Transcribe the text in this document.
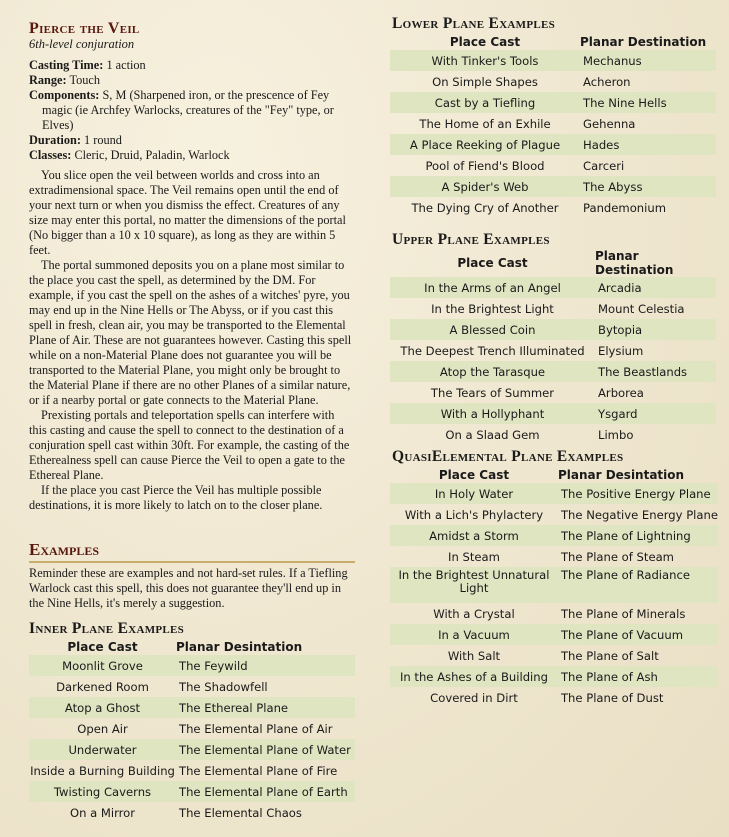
Pierce the Veil
6th-level conjuration

Casting Time: 1 action

Range: Touch

Components: S, M (Sharpened iron, or the prescence of Fey magic (ie Archfey Warlocks, creatures of the "Fey" type, or Elves)

Duration: 1 round

Classes: Cleric, Druid, Paladin, Warlock

You slice open the veil between worlds and cross into an extradimensional space. The Veil remains open until the end of your next turn or when you dismiss the effect. Creatures of any size may enter this portal, no matter the dimensions of the portal (No bigger than a 10 x 10 square), as long as they are within 5 feet.

The portal summoned deposits you on a plane most similar to the place you cast the spell, as determined by the DM. For example, if you cast the spell on the ashes of a witches' pyre, you may end up in the Nine Hells or The Abyss, or if you cast this spell in fresh, clean air, you may be transported to the Elemental Plane of Air. These are not guarantees however. Casting this spell while on a non-Material Plane does not guarantee you will be transported to the Material Plane, you might only be brought to the Material Plane if there are no other Planes of a similar nature, or if a nearby portal or gate connects to the Material Plane.

Prexisting portals and teleportation spells can interfere with this casting and cause the spell to connect to the destination of a conjuration spell cast within 30ft. For example, the casting of the Etherealness spell can cause Pierce the Veil to open a gate to the Ethereal Plane.

If the place you cast Pierce the Veil has multiple possible destinations, it is more likely to latch on to the closer plane.

Examples

Reminder these are examples and not hard-set rules. If a Tiefling Warlock cast this spell, this does not guarantee they'll end up in the Nine Hells, it's merely a suggestion.

Inner Plane Examples
Place Cast	Planar Desintation
Moonlit Grove	The Feywild
Darkened Room	The Shadowfell
Atop a Ghost	The Ethereal Plane
Open Air	The Elemental Plane of Air
Underwater	The Elemental Plane of Water
Inside a Burning Building	The Elemental Plane of Fire
Twisting Caverns	The Elemental Plane of Earth
On a Mirror	The Elemental Chaos
Lower Plane Examples
Place Cast	Planar Destination
With Tinker's Tools	Mechanus
On Simple Shapes	Acheron
Cast by a Tiefling	The Nine Hells
The Home of an Exhile	Gehenna
A Place Reeking of Plague	Hades
Pool of Fiend's Blood	Carceri
A Spider's Web	The Abyss
The Dying Cry of Another	Pandemonium
Upper Plane Examples
Place Cast	Planar Destination
In the Arms of an Angel	Arcadia
In the Brightest Light	Mount Celestia
A Blessed Coin	Bytopia
The Deepest Trench Illuminated	Elysium
Atop the Tarasque	The Beastlands
The Tears of Summer	Arborea
With a Hollyphant	Ysgard
On a Slaad Gem	Limbo
QuasiElemental Plane Examples
Place Cast	Planar Desintation
In Holy Water	The Positive Energy Plane
With a Lich's Phylactery	The Negative Energy Plane
Amidst a Storm	The Plane of Lightning
In Steam	The Plane of Steam
In the Brightest Unnatural Light	The Plane of Radiance
With a Crystal	The Plane of Minerals
In a Vacuum	The Plane of Vacuum
With Salt	The Plane of Salt
In the Ashes of a Building	The Plane of Ash
Covered in Dirt	The Plane of Dust
